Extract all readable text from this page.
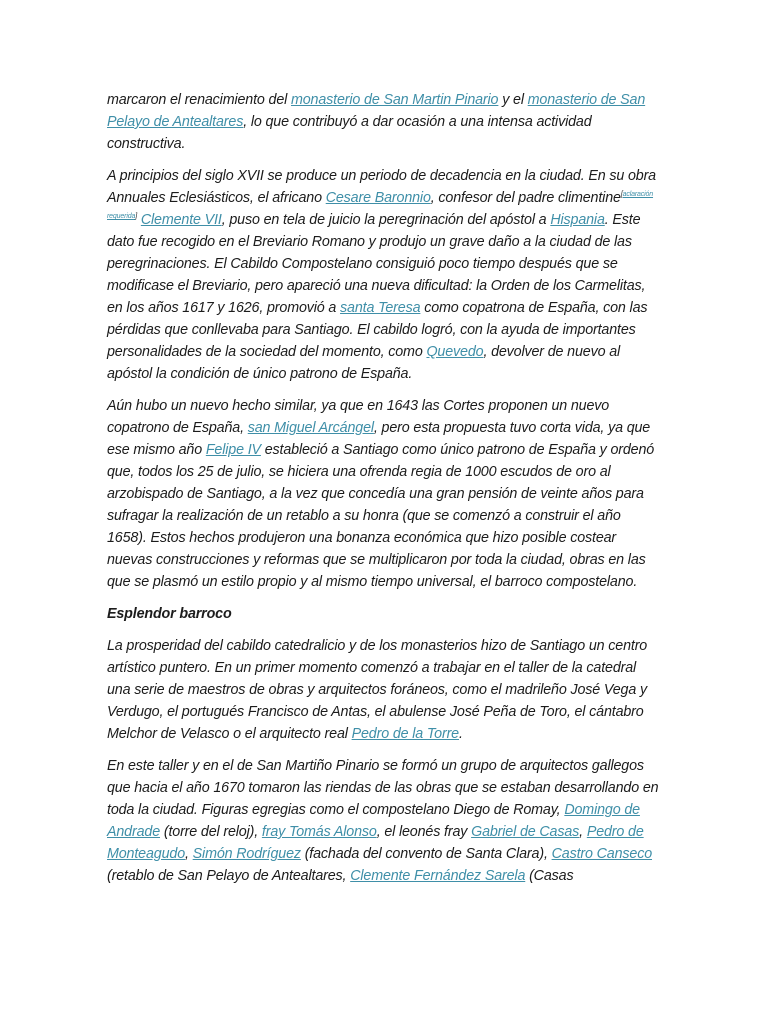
marcaron el renacimiento del monasterio de San Martin Pinario y el monasterio de San Pelayo de Antealtares, lo que contribuyó a dar ocasión a una intensa actividad constructiva.

A principios del siglo XVII se produce un periodo de decadencia en la ciudad. En su obra Annuales Eclesiásticos, el africano Cesare Baronnio, confesor del padre climentine[aclaración requerida] Clemente VII, puso en tela de juicio la peregrinación del apóstol a Hispania. Este dato fue recogido en el Breviario Romano y produjo un grave daño a la ciudad de las peregrinaciones. El Cabildo Compostelano consiguió poco tiempo después que se modificase el Breviario, pero apareció una nueva dificultad: la Orden de los Carmelitas, en los años 1617 y 1626, promovió a santa Teresa como copatrona de España, con las pérdidas que conllevaba para Santiago. El cabildo logró, con la ayuda de importantes personalidades de la sociedad del momento, como Quevedo, devolver de nuevo al apóstol la condición de único patrono de España.

Aún hubo un nuevo hecho similar, ya que en 1643 las Cortes proponen un nuevo copatrono de España, san Miguel Arcángel, pero esta propuesta tuvo corta vida, ya que ese mismo año Felipe IV estableció a Santiago como único patrono de España y ordenó que, todos los 25 de julio, se hiciera una ofrenda regia de 1000 escudos de oro al arzobispado de Santiago, a la vez que concedía una gran pensión de veinte años para sufragar la realización de un retablo a su honra (que se comenzó a construir el año 1658). Estos hechos produjeron una bonanza económica que hizo posible costear nuevas construcciones y reformas que se multiplicaron por toda la ciudad, obras en las que se plasmó un estilo propio y al mismo tiempo universal, el barroco compostelano.

Esplendor barroco

La prosperidad del cabildo catedralicio y de los monasterios hizo de Santiago un centro artístico puntero. En un primer momento comenzó a trabajar en el taller de la catedral una serie de maestros de obras y arquitectos foráneos, como el madrileño José Vega y Verdugo, el portugués Francisco de Antas, el abulense José Peña de Toro, el cántabro Melchor de Velasco o el arquitecto real Pedro de la Torre.

En este taller y en el de San Martiño Pinario se formó un grupo de arquitectos gallegos que hacia el año 1670 tomaron las riendas de las obras que se estaban desarrollando en toda la ciudad. Figuras egregias como el compostelano Diego de Romay, Domingo de Andrade (torre del reloj), fray Tomás Alonso, el leonés fray Gabriel de Casas, Pedro de Monteagudo, Simón Rodríguez (fachada del convento de Santa Clara), Castro Canseco (retablo de San Pelayo de Antealtares, Clemente Fernández Sarela (Casas
